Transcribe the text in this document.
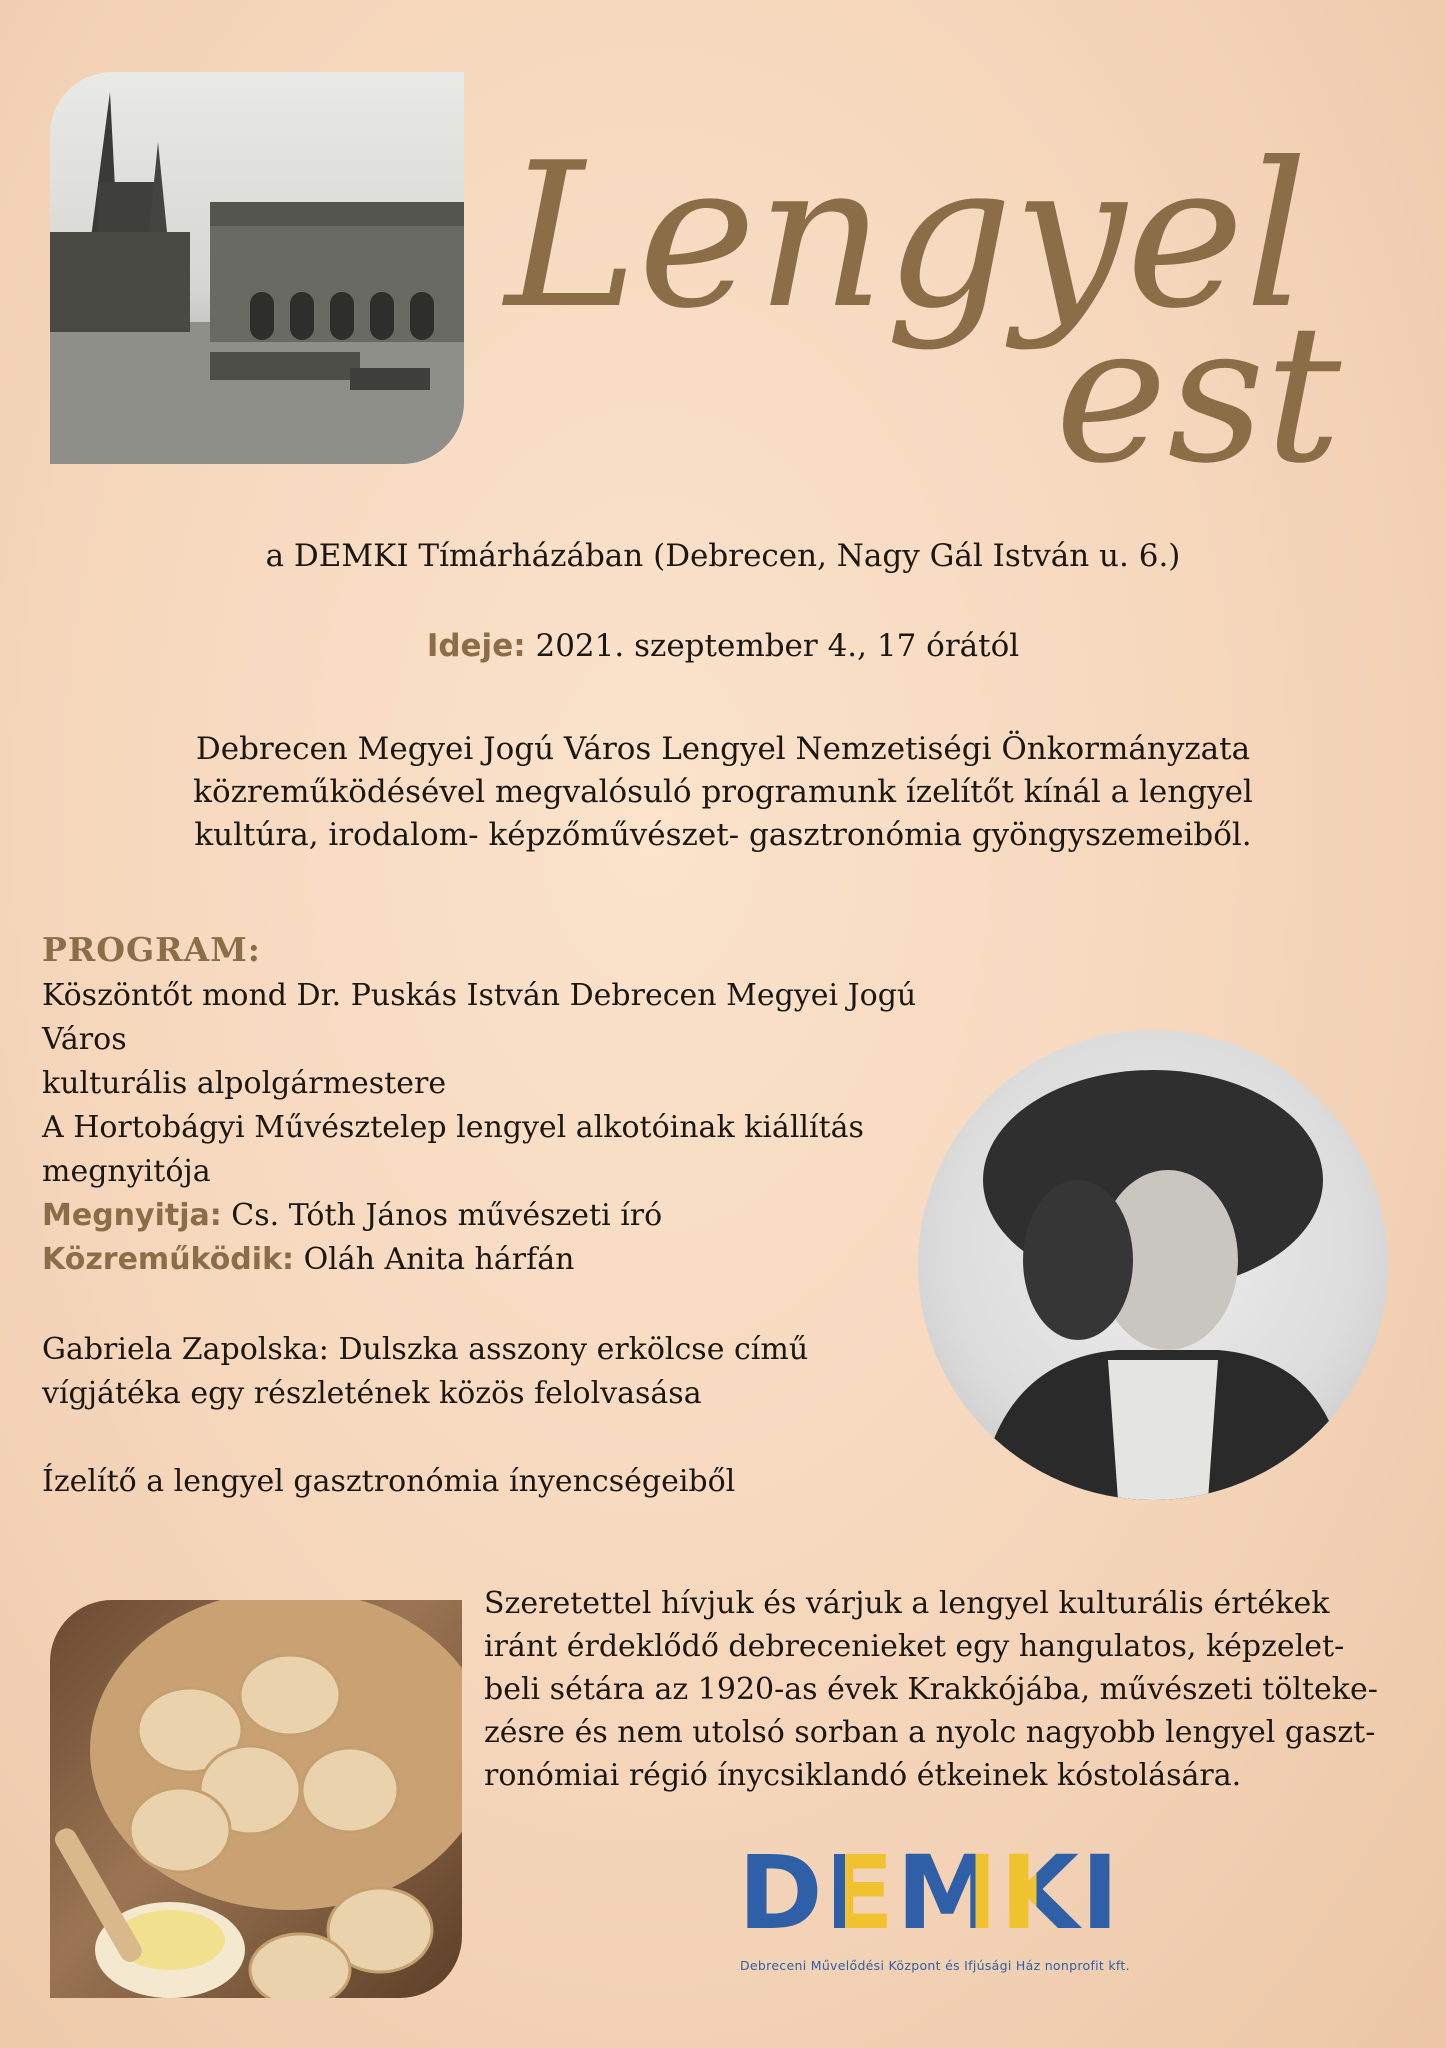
Lengyel
est
a DEMKI Tímárházában (Debrecen, Nagy Gál István u. 6.)
Ideje: 2021. szeptember 4., 17 órától
Debrecen Megyei Jogú Város Lengyel Nemzetiségi Önkormányzata
közreműködésével megvalósuló programunk ízelítőt kínál a lengyel
kultúra, irodalom- képzőművészet- gasztronómia gyöngyszemeiből.
PROGRAM:
Köszöntőt mond Dr. Puskás István Debrecen Megyei Jogú Város
kulturális alpolgármestere
A Hortobágyi Művésztelep lengyel alkotóinak kiállítás
megnyitója
Megnyitja: Cs. Tóth János művészeti író
Közreműködik: Oláh Anita hárfán
Gabriela Zapolska: Dulszka asszony erkölcse című
vígjátéka egy részletének közös felolvasása
Ízelítő a lengyel gasztronómia ínyencségeiből
Szeretettel hívjuk és várjuk a lengyel kulturális értékek
iránt érdeklődő debrecenieket egy hangulatos, képzelet-
beli sétára az 1920-as évek Krakkójába, művészeti tölteke-
zésre és nem utolsó sorban a nyolc nagyobb lengyel gaszt-
ronómiai régió ínycsiklandó étkeinek kóstolására.
DEMKI
Debreceni Művelődési Központ és Ifjúsági Ház nonprofit kft.
